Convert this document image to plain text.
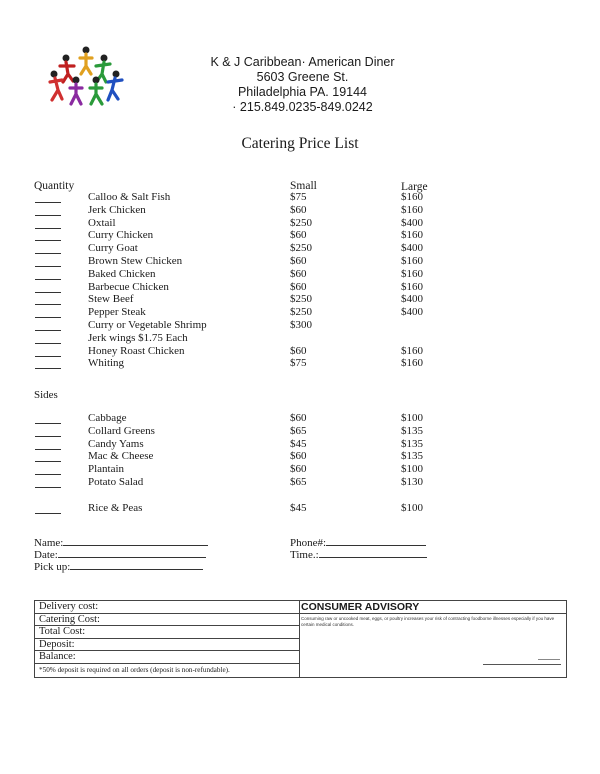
K & J Caribbean· American Diner
5603 Greene St.
Philadelphia PA. 19144
· 215.849.0235-849.0242
Catering Price List
Quantity	Small	Large
Calloo & Salt Fish	$75	$160
Jerk Chicken	$60	$160
Oxtail	$250	$400
Curry Chicken	$60	$160
Curry Goat	$250	$400
Brown Stew Chicken	$60	$160
Baked Chicken	$60	$160
Barbecue Chicken	$60	$160
Stew Beef	$250	$400
Pepper Steak	$250	$400
Curry or Vegetable Shrimp	$300
Jerk wings $1.75 Each
Honey Roast Chicken	$60	$160
Whiting	$75	$160
Sides
Cabbage	$60	$100
Collard Greens	$65	$135
Candy Yams	$45	$135
Mac & Cheese	$60	$135
Plantain	$60	$100
Potato Salad	$65	$130
Rice & Peas	$45	$100
Name:
Date:
Pick up:
Phone#:
Time.:
Delivery cost:
Catering Cost:
Total Cost:
Deposit:
Balance:
*50% deposit is required on all orders (deposit is non-refundable).
CONSUMER ADVISORY
Consuming raw or uncooked meat, eggs, or poultry increases your risk of contracting foodborne illnesses especially if you have certain medical conditions.
